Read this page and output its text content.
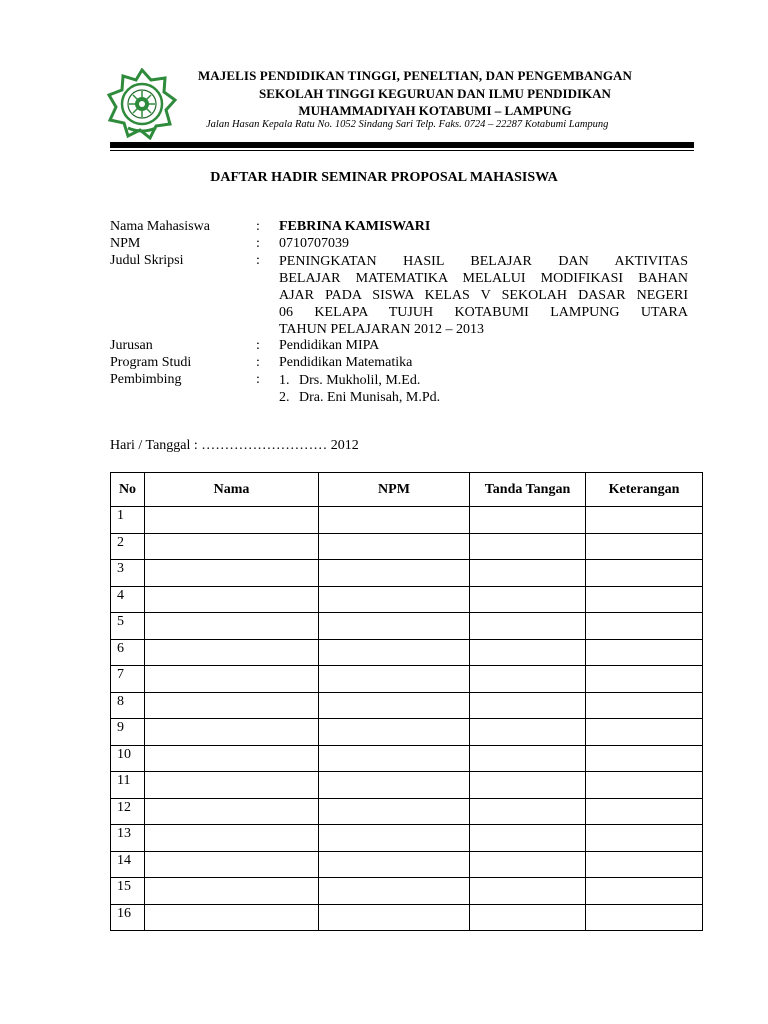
MAJELIS PENDIDIKAN TINGGI, PENELTIAN, DAN PENGEMBANGAN
SEKOLAH TINGGI KEGURUAN DAN ILMU PENDIDIKAN
MUHAMMADIYAH KOTABUMI – LAMPUNG
Jalan Hasan Kepala Ratu No. 1052 Sindang Sari Telp. Faks. 0724 – 22287 Kotabumi Lampung
DAFTAR HADIR SEMINAR PROPOSAL MAHASISWA
Nama Mahasiswa	:	FEBRINA KAMISWARI
NPM	:	0710707039
Judul Skripsi	:	PENINGKATAN HASIL BELAJAR DAN AKTIVITAS
BELAJAR MATEMATIKA MELALUI MODIFIKASI BAHAN
AJAR PADA SISWA KELAS V SEKOLAH DASAR NEGERI
06 KELAPA TUJUH KOTABUMI LAMPUNG UTARA
TAHUN PELAJARAN 2012 – 2013
Jurusan	:	Pendidikan MIPA
Program Studi	:	Pendidikan Matematika
Pembimbing	:	1. Drs. Mukholil, M.Ed.
2. Dra. Eni Munisah, M.Pd.
Hari / Tanggal : ……………………… 2012
No	Nama	NPM	Tanda Tangan	Keterangan
1				
2				
3				
4				
5				
6				
7				
8				
9				
10				
11				
12				
13				
14				
15				
16				
